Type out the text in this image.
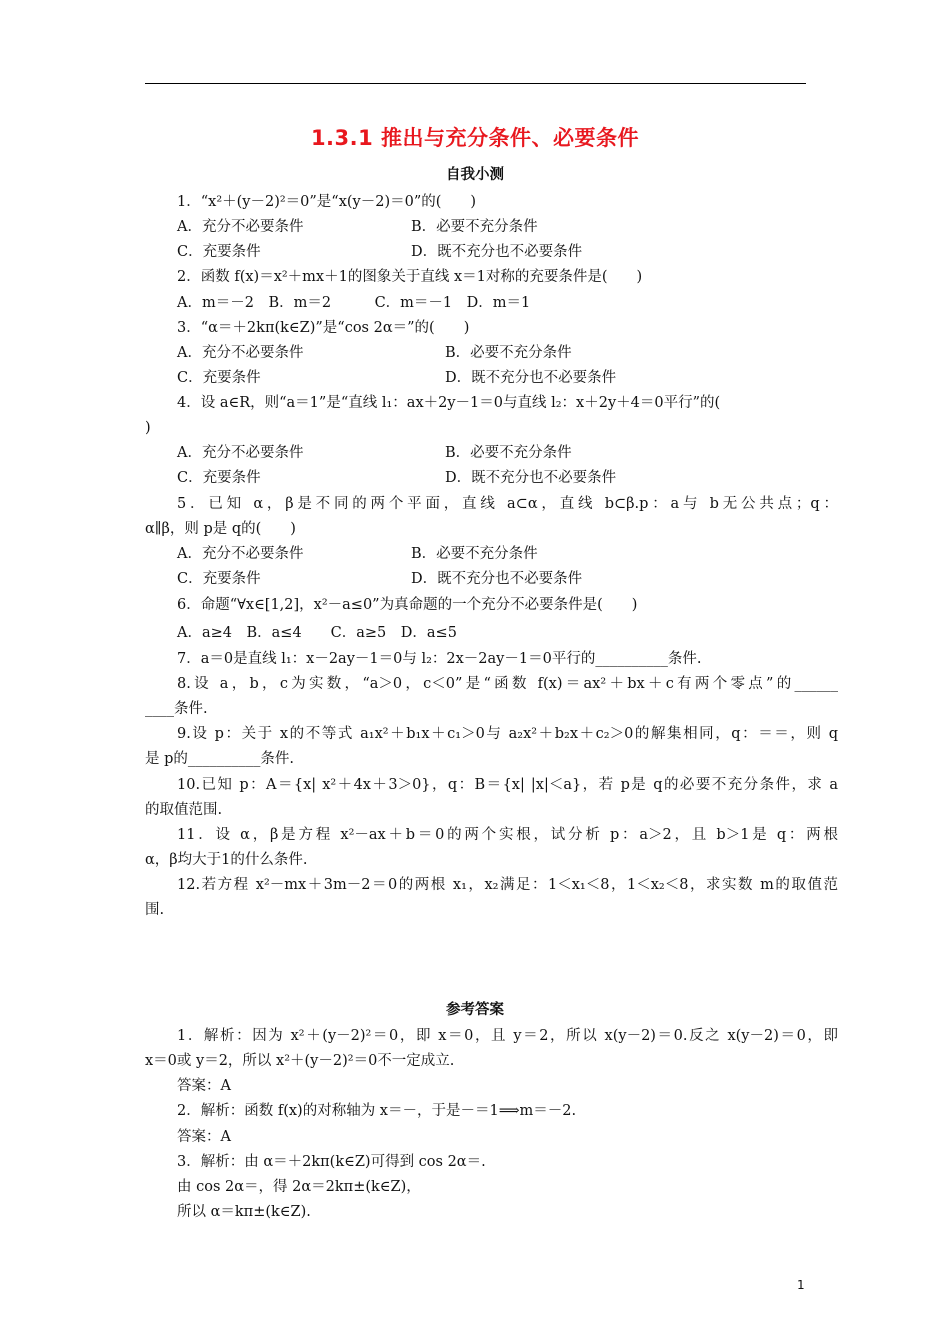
1.3.1 推出与充分条件、必要条件
自我小测
1．“x²＋(y－2)²＝0”是“x(y－2)＝0”的(　　)
A．充分不必要条件	B．必要不充分条件
C．充要条件	D．既不充分也不必要条件
2．函数 f(x)＝x²＋mx＋1的图象关于直线 x＝1对称的充要条件是(　　)
A．m＝－2　B．m＝2　　　C．m＝－1　D．m＝1
3．“α＝＋2kπ(k∈Z)”是“cos 2α＝”的(　　)
A．充分不必要条件	B．必要不充分条件
C．充要条件	D．既不充分也不必要条件
4．设 a∈R，则“a＝1”是“直线 l₁：ax＋2y－1＝0与直线 l₂：x＋2y＋4＝0平行”的(
)
A．充分不必要条件	B．必要不充分条件
C．充要条件	D．既不充分也不必要条件
5．已知 α，β是不同的两个平面，直线 a⊂α，直线 b⊂β.p：a与 b无公共点；q：
α∥β，则 p是 q的(　　)
A．充分不必要条件	B．必要不充分条件
C．充要条件	D．既不充分也不必要条件
6．命题“∀x∈[1,2]，x²－a≤0”为真命题的一个充分不必要条件是(　　)
A．a≥4　B．a≤4　　C．a≥5　D．a≤5
7．a＝0是直线 l₁：x－2ay－1＝0与 l₂：2x－2ay－1＝0平行的__________条件.
8.设 a，b，c为实数，“a＞0，c＜0”是“函数 f(x)＝ax²＋bx＋c有两个零点”的______
____条件.
9.设 p：关于 x的不等式 a₁x²＋b₁x＋c₁＞0与 a₂x²＋b₂x＋c₂＞0的解集相同，q：＝＝，则 q
是 p的__________条件.
10.已知 p：A＝{x| x²＋4x＋3＞0}，q：B＝{x| |x|＜a}，若 p是 q的必要不充分条件，求 a
的取值范围.
11．设 α，β是方程 x²－ax＋b＝0的两个实根，试分析 p：a＞2，且 b＞1是 q：两根
α，β均大于1的什么条件.
12.若方程 x²－mx＋3m－2＝0的两根 x₁，x₂满足：1＜x₁＜8，1＜x₂＜8，求实数 m的取值范
围.
参考答案
1．解析：因为 x²＋(y－2)²＝0，即 x＝0，且 y＝2，所以 x(y－2)＝0.反之 x(y－2)＝0，即
x＝0或 y＝2，所以 x²＋(y－2)²＝0不一定成立.
答案：A
2．解析：函数 f(x)的对称轴为 x＝－，于是－＝1⟹m＝－2.
答案：A
3．解析：由 α＝＋2kπ(k∈Z)可得到 cos 2α＝.
由 cos 2α＝，得 2α＝2kπ±(k∈Z)，
所以 α＝kπ±(k∈Z).
1
